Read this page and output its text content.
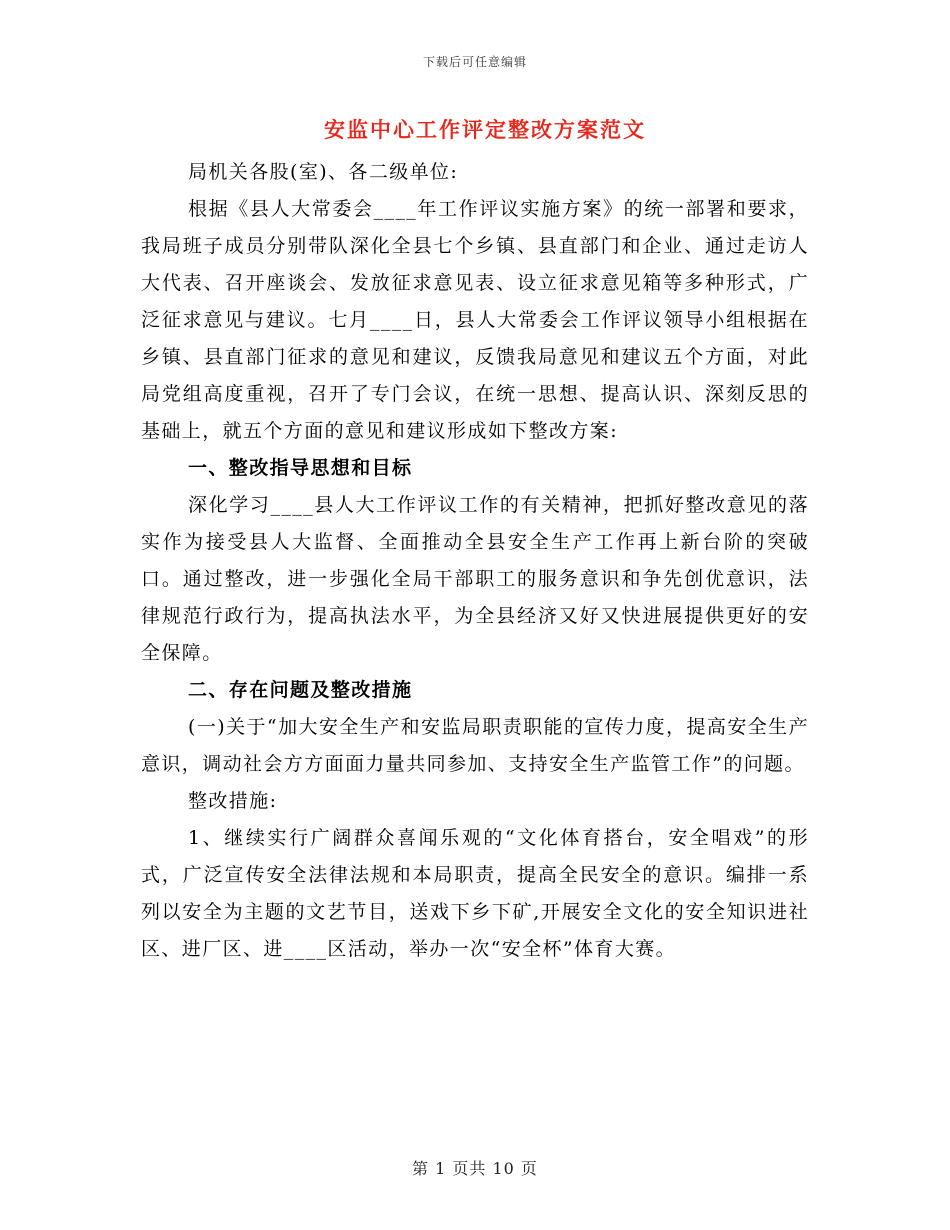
下载后可任意编辑
安监中心工作评定整改方案范文

局机关各股(室)、各二级单位:

根据《县人大常委会____年工作评议实施方案》的统一部署和要求，我局班子成员分别带队深化全县七个乡镇、县直部门和企业、通过走访人大代表、召开座谈会、发放征求意见表、设立征求意见箱等多种形式，广泛征求意见与建议。七月____日，县人大常委会工作评议领导小组根据在乡镇、县直部门征求的意见和建议，反馈我局意见和建议五个方面，对此局党组高度重视，召开了专门会议，在统一思想、提高认识、深刻反思的基础上，就五个方面的意见和建议形成如下整改方案:

一、整改指导思想和目标

深化学习____县人大工作评议工作的有关精神，把抓好整改意见的落实作为接受县人大监督、全面推动全县安全生产工作再上新台阶的突破口。通过整改，进一步强化全局干部职工的服务意识和争先创优意识，法律规范行政行为，提高执法水平，为全县经济又好又快进展提供更好的安全保障。

二、存在问题及整改措施

(一)关于“加大安全生产和安监局职责职能的宣传力度，提高安全生产意识，调动社会方方面面力量共同参加、支持安全生产监管工作”的问题。

整改措施:

1、继续实行广阔群众喜闻乐观的“文化体育搭台，安全唱戏”的形式，广泛宣传安全法律法规和本局职责，提高全民安全的意识。编排一系列以安全为主题的文艺节目，送戏下乡下矿,开展安全文化的安全知识进社区、进厂区、进____区活动，举办一次“安全杯”体育大赛。

第 1 页共 10 页
